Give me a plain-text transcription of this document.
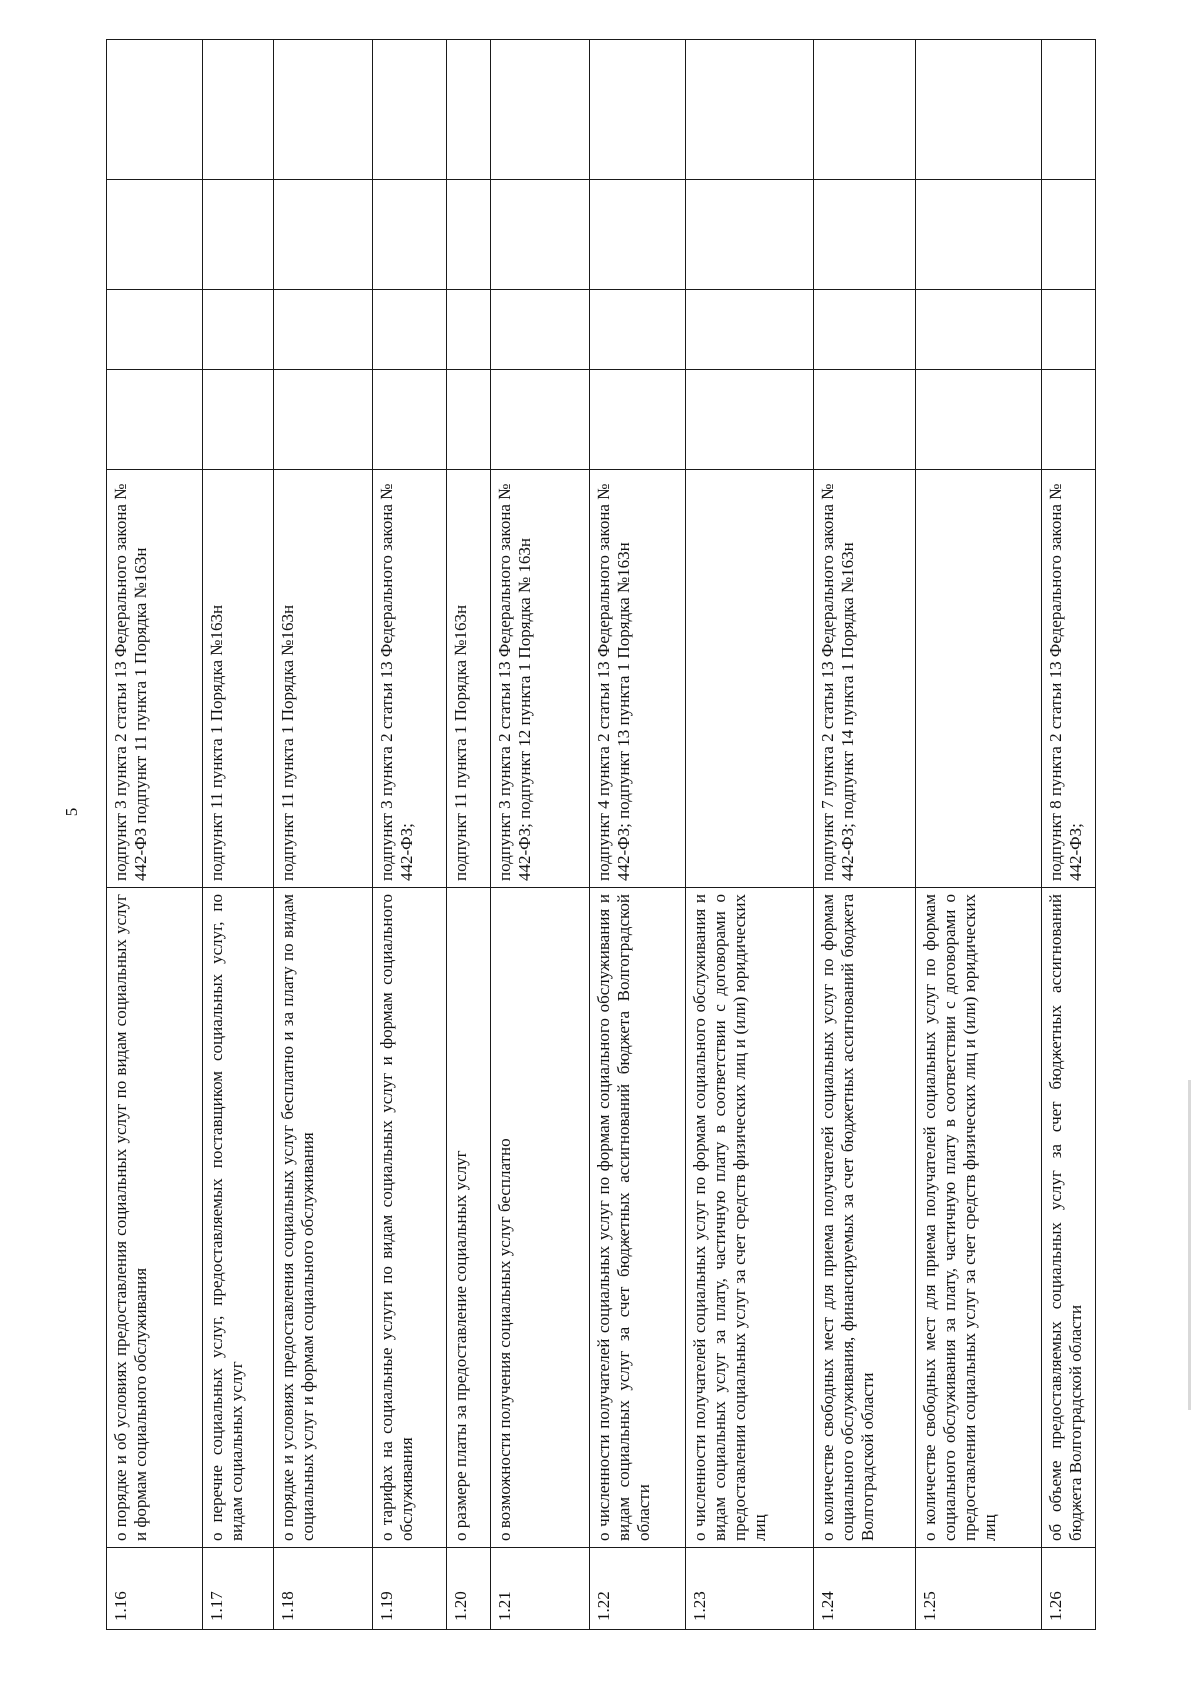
5
1.16	о порядке и об условиях предоставления социальных услуг по видам социальных услуг и формам социального обслуживания	подпункт 3 пункта 2 статьи 13 Федерального закона № 442-ФЗ подпункт 11 пункта 1 Порядка №163н				
1.17	о перечне социальных услуг, предоставляемых поставщиком социальных услуг, по видам социальных услуг	подпункт 11 пункта 1 Порядка №163н				
1.18	о порядке и условиях предоставления социальных услуг бесплатно и за плату по видам социальных услуг и формам социального обслуживания	подпункт 11 пункта 1 Порядка №163н				
1.19	о тарифах на социальные услуги по видам социальных услуг и формам социального обслуживания	подпункт 3 пункта 2 статьи 13 Федерального закона № 442-ФЗ;				
1.20	о размере платы за предоставление социальных услуг	подпункт 11 пункта 1 Порядка №163н				
1.21	о возможности получения социальных услуг бесплатно	подпункт 3 пункта 2 статьи 13 Федерального закона № 442-ФЗ; подпункт 12 пункта 1 Порядка № 163н				
1.22	о численности получателей социальных услуг по формам социального обслуживания и видам социальных услуг за счет бюджетных ассигнований бюджета Волгоградской области	подпункт 4 пункта 2 статьи 13 Федерального закона № 442-ФЗ; подпункт 13 пункта 1 Порядка №163н				
1.23	о численности получателей социальных услуг по формам социального обслуживания и видам социальных услуг за плату, частичную плату в соответствии с договорами о предоставлении социальных услуг за счет средств физических лиц и (или) юридических лиц					
1.24	о количестве свободных мест для приема получателей социальных услуг по формам социального обслуживания, финансируемых за счет бюджетных ассигнований бюджета Волгоградской области	подпункт 7 пункта 2 статьи 13 Федерального закона № 442-ФЗ; подпункт 14 пункта 1 Порядка №163н				
1.25	о количестве свободных мест для приема получателей социальных услуг по формам социального обслуживания за плату, частичную плату в соответствии с договорами о предоставлении социальных услуг за счет средств физических лиц и (или) юридических лиц					
1.26	об объеме предоставляемых социальных услуг за счет бюджетных ассигнований бюджета Волгоградской области	подпункт 8 пункта 2 статьи 13 Федерального закона № 442-ФЗ;				
